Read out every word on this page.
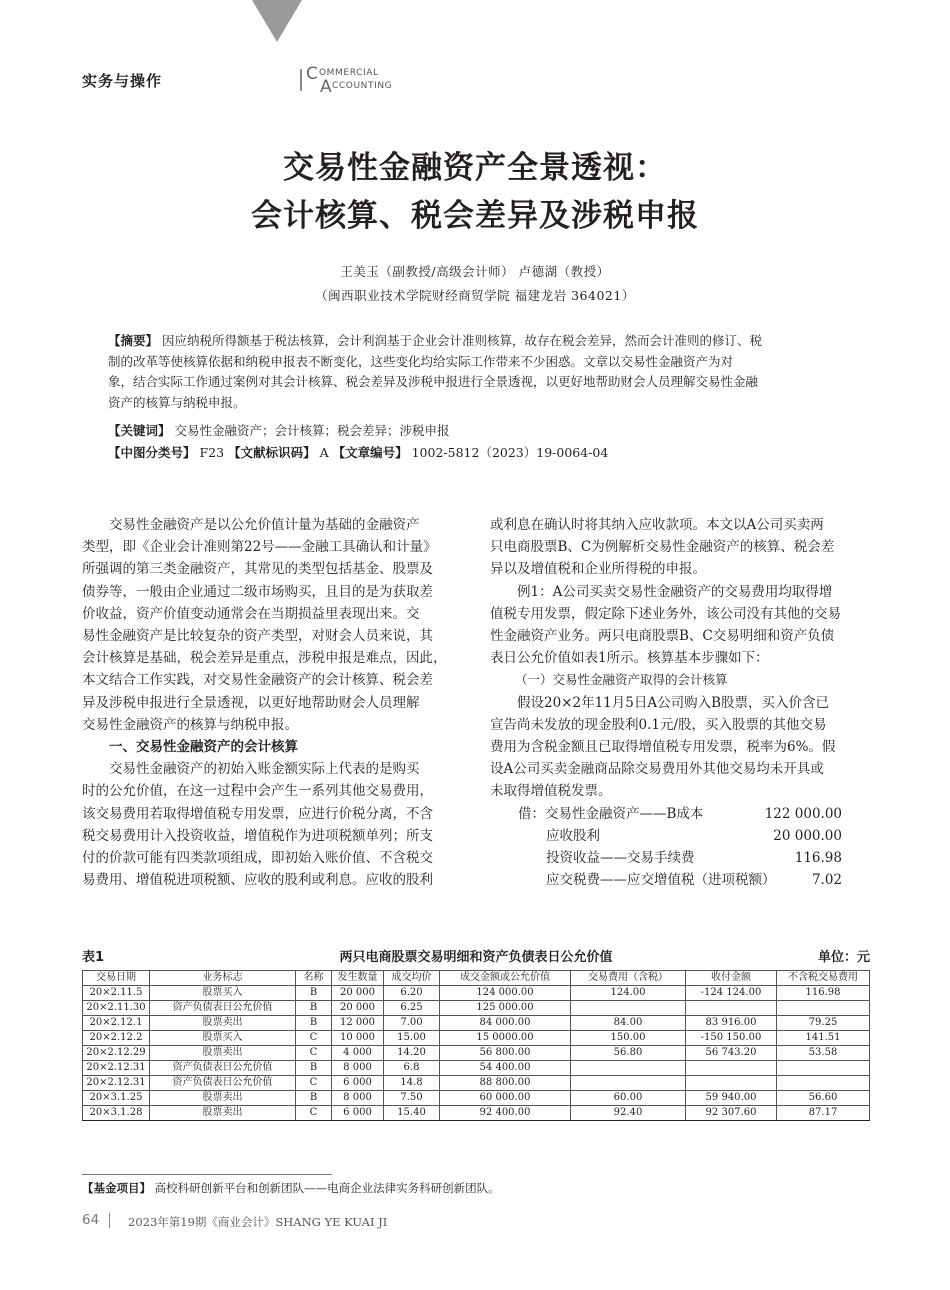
实务与操作	C OMMERCIAL
A CCOUNTING
交易性金融资产全景透视：
会计核算、税会差异及涉税申报
王美玉（副教授/高级会计师） 卢德湖（教授）
（闽西职业技术学院财经商贸学院 福建龙岩 364021）
【摘要】 因应纳税所得额基于税法核算，会计利润基于企业会计准则核算，故存在税会差异，然而会计准则的修订、税
制的改革等使核算依据和纳税申报表不断变化，这些变化均给实际工作带来不少困惑。文章以交易性金融资产为对
象，结合实际工作通过案例对其会计核算、税会差异及涉税申报进行全景透视，以更好地帮助财会人员理解交易性金融
资产的核算与纳税申报。
【关键词】 交易性金融资产；会计核算；税会差异；涉税申报
【中图分类号】 F23 【文献标识码】 A 【文章编号】 1002-5812（2023）19-0064-04

交易性金融资产是以公允价值计量为基础的金融资产
类型，即《企业会计准则第22号——金融工具确认和计量》
所强调的第三类金融资产，其常见的类型包括基金、股票及
债券等，一般由企业通过二级市场购买，且目的是为获取差
价收益，资产价值变动通常会在当期损益里表现出来。交
易性金融资产是比较复杂的资产类型，对财会人员来说，其
会计核算是基础，税会差异是重点，涉税申报是难点，因此，
本文结合工作实践，对交易性金融资产的会计核算、税会差
异及涉税申报进行全景透视，以更好地帮助财会人员理解
交易性金融资产的核算与纳税申报。

一、交易性金融资产的会计核算

交易性金融资产的初始入账金额实际上代表的是购买
时的公允价值，在这一过程中会产生一系列其他交易费用，
该交易费用若取得增值税专用发票，应进行价税分离，不含
税交易费用计入投资收益，增值税作为进项税额单列；所支
付的价款可能有四类款项组成，即初始入账价值、不含税交
易费用、增值税进项税额、应收的股利或利息。应收的股利

或利息在确认时将其纳入应收款项。本文以A公司买卖两
只电商股票B、C为例解析交易性金融资产的核算、税会差
异以及增值税和企业所得税的申报。

例1：A公司买卖交易性金融资产的交易费用均取得增
值税专用发票，假定除下述业务外，该公司没有其他的交易
性金融资产业务。两只电商股票B、C交易明细和资产负债
表日公允价值如表1所示。核算基本步骤如下：

（一）交易性金融资产取得的会计核算

假设20×2年11月5日A公司购入B股票，买入价含已
宣告尚未发放的现金股利0.1元/股，买入股票的其他交易
费用为含税金额且已取得增值税专用发票，税率为6%。假
设A公司买卖金融商品除交易费用外其他交易均未开具或
未取得增值税发票。

借：交易性金融资产——B成本	122 000.00
应收股利	20 000.00
投资收益——交易手续费	116.98
应交税费——应交增值税（进项税额）	7.02
两只电商股票交易明细和资产负债表日公允价值
表1	单位：元
交易日期	业务标志	名称	发生数量	成交均价	成交金额或公允价值	交易费用（含税）	收付金额	不含税交易费用
20×2.11.5	股票买入	B	20 000	6.20	124 000.00	124.00	-124 124.00	116.98
20×2.11.30	资产负债表日公允价值	B	20 000	6.25	125 000.00			
20×2.12.1	股票卖出	B	12 000	7.00	84 000.00	84.00	83 916.00	79.25
20×2.12.2	股票买入	C	10 000	15.00	15 0000.00	150.00	-150 150.00	141.51
20×2.12.29	股票卖出	C	4 000	14.20	56 800.00	56.80	56 743.20	53.58
20×2.12.31	资产负债表日公允价值	B	8 000	6.8	54 400.00			
20×2.12.31	资产负债表日公允价值	C	6 000	14.8	88 800.00			
20×3.1.25	股票卖出	B	8 000	7.50	60 000.00	60.00	59 940.00	56.60
20×3.1.28	股票卖出	C	6 000	15.40	92 400.00	92.40	92 307.60	87.17
【基金项目】 高校科研创新平台和创新团队——电商企业法律实务科研创新团队。
64	2023年第19期《商业会计》SHANG YE KUAI JI
